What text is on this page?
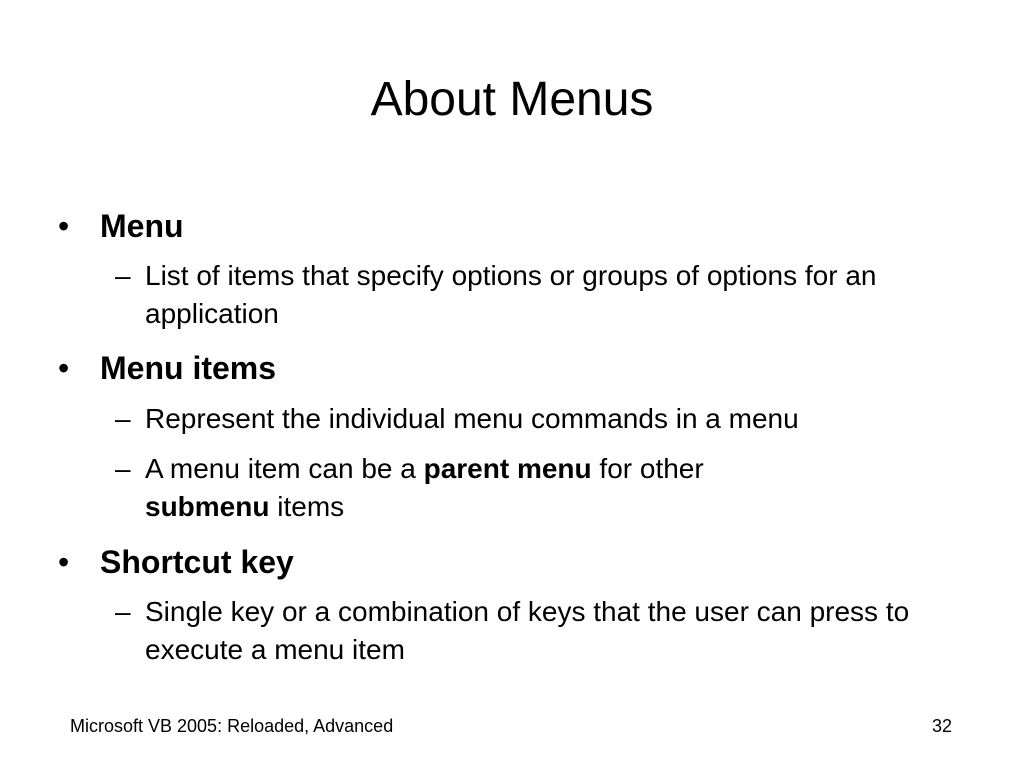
About Menus
• Menu
– List of items that specify options or groups of options for an application
• Menu items
– Represent the individual menu commands in a menu
– A menu item can be a parent menu for other
submenu items
• Shortcut key
– Single key or a combination of keys that the user can press to execute a menu item
Microsoft VB 2005: Reloaded, Advanced	32
